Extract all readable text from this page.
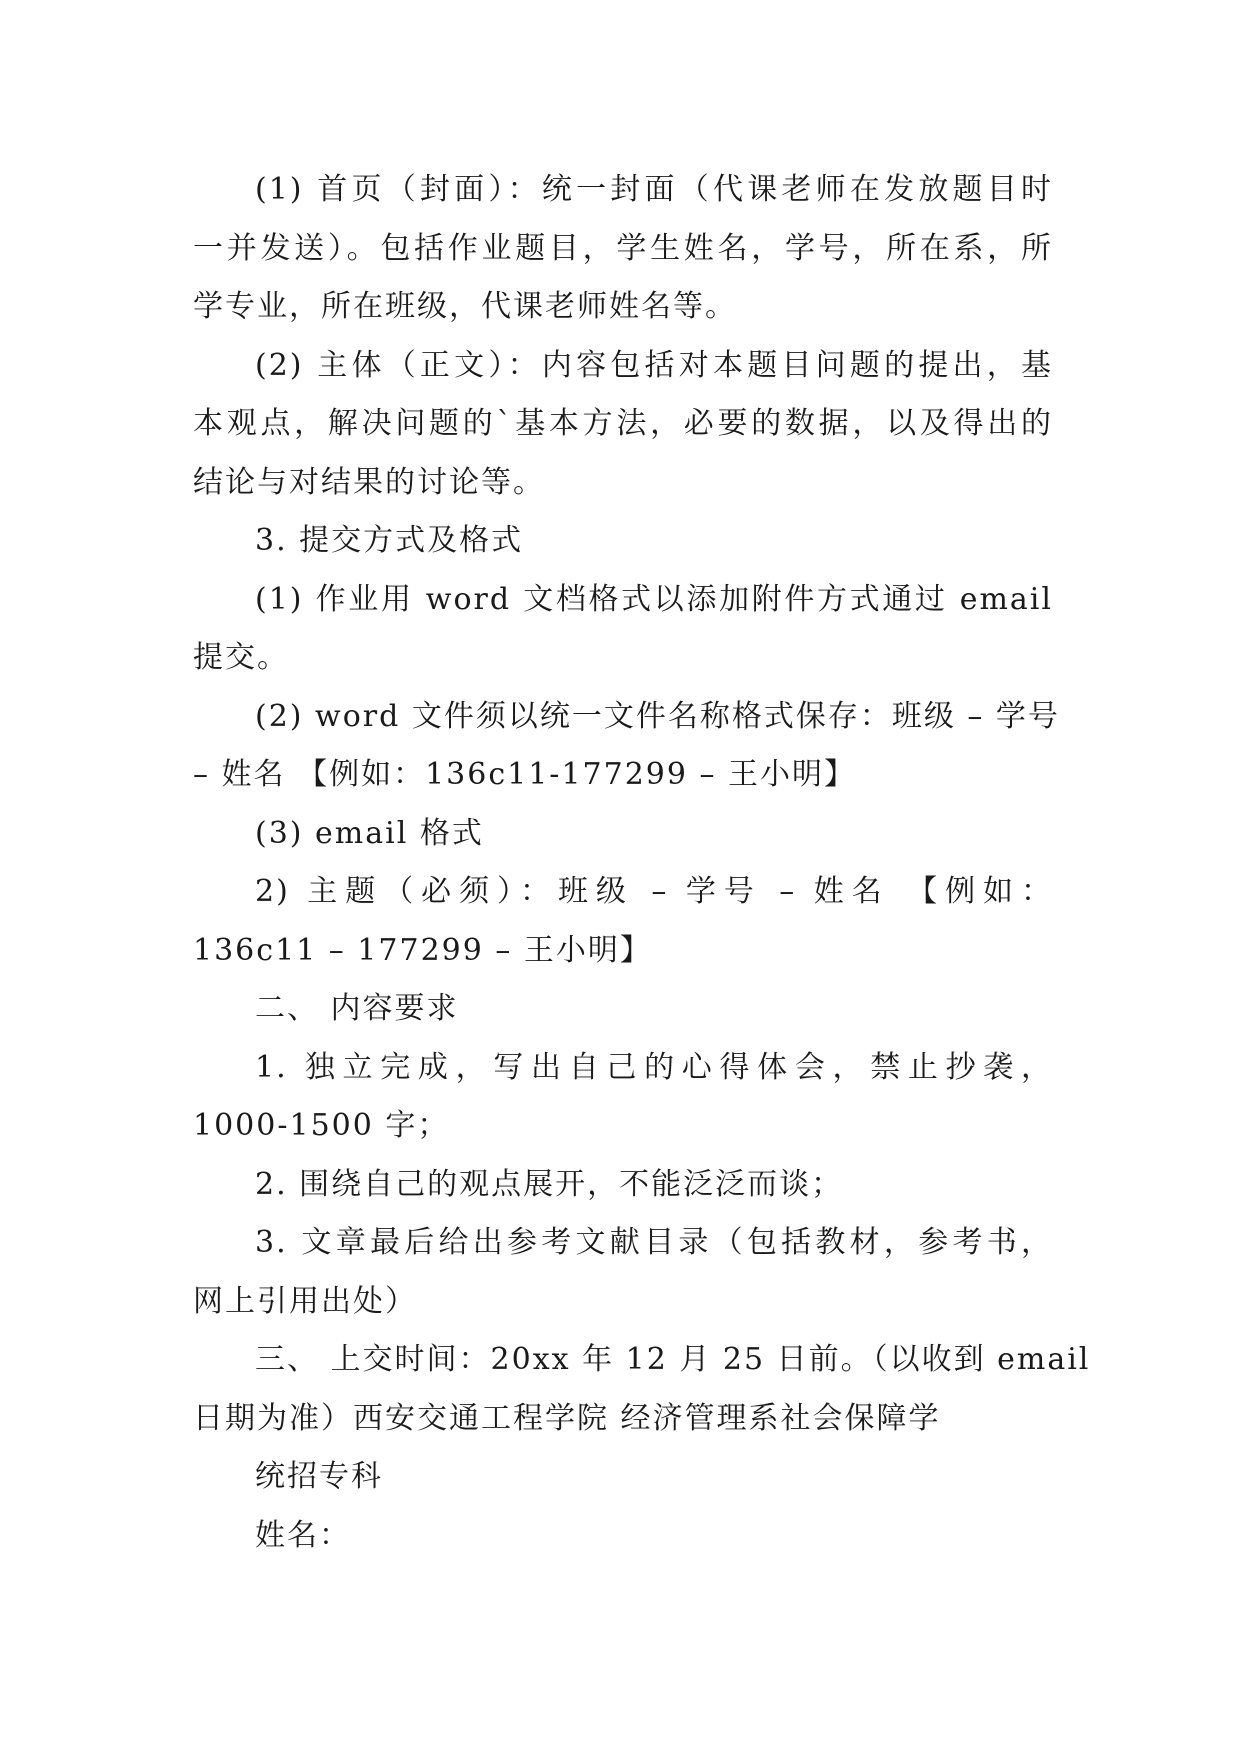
(1) 首页（封面）：统一封面（代课老师在发放题目时
一并发送）。包括作业题目，学生姓名，学号，所在系，所
学专业，所在班级，代课老师姓名等。
(2) 主体（正文）：内容包括对本题目问题的提出，基
本观点，解决问题的`基本方法，必要的数据，以及得出的
结论与对结果的讨论等。
3. 提交方式及格式
(1) 作业用 word 文档格式以添加附件方式通过 email
提交。
(2) word 文件须以统一文件名称格式保存：班级 – 学号
– 姓名 【例如：136c11-177299 – 王小明】
(3) email 格式
2) 主题（必须）：班级 – 学号 – 姓名 【例如：
136c11 – 177299 – 王小明】
二、 内容要求
1. 独立完成，写出自己的心得体会，禁止抄袭，
1000-1500 字；
2. 围绕自己的观点展开，不能泛泛而谈；
3. 文章最后给出参考文献目录（包括教材，参考书，
网上引用出处）
三、 上交时间：20xx 年 12 月 25 日前。（以收到 email
日期为准）西安交通工程学院 经济管理系社会保障学
统招专科
姓名：
